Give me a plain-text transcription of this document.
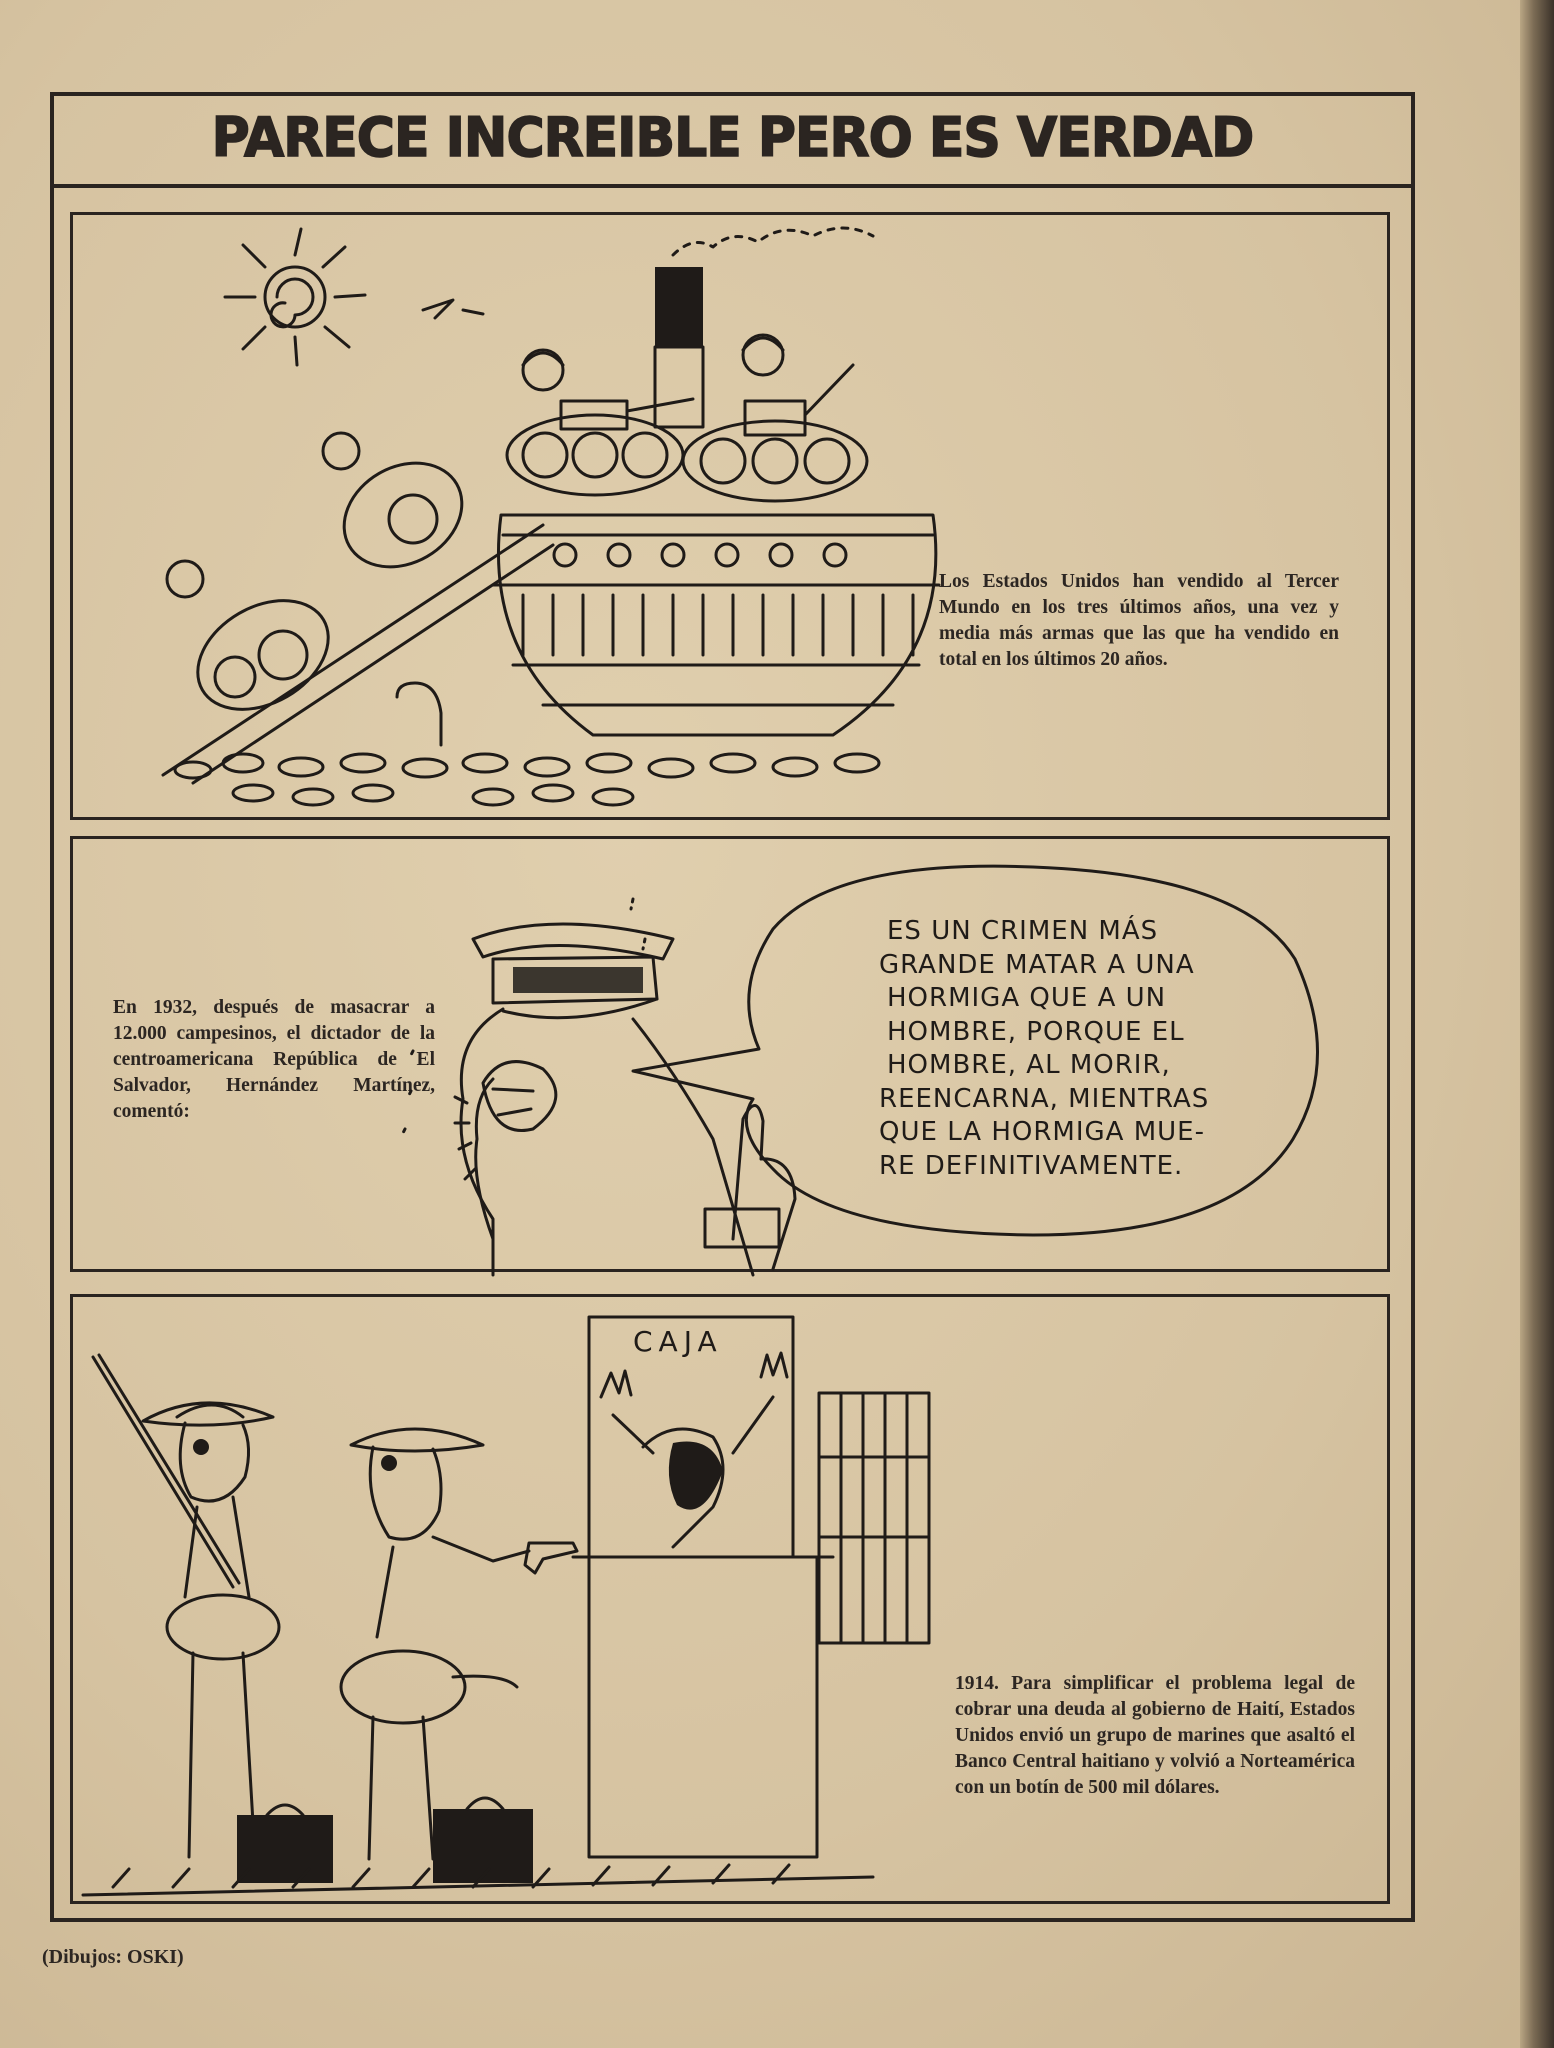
PARECE INCREIBLE PERO ES VERDAD
Los Estados Unidos han vendido al Tercer Mundo en los tres últimos años, una vez y media más armas que las que ha vendido en total en los últimos 20 años.
En 1932, después de masacrar a 12.000 campesinos, el dictador de la centroamericana República de El Salvador, Hernández Martínez, comentó:
ES UN CRIMEN MÁS
GRANDE MATAR A UNA
HORMIGA QUE A UN
HOMBRE, PORQUE EL
HOMBRE, AL MORIR,
REENCARNA, MIENTRAS
QUE LA HORMIGA MUE-
RE DEFINITIVAMENTE.
CAJA
1914. Para simplificar el problema legal de cobrar una deuda al gobierno de Haití, Estados Unidos envió un grupo de marines que asaltó el Banco Central haitiano y volvió a Norteamérica con un botín de 500 mil dólares.
(Dibujos: OSKI)
